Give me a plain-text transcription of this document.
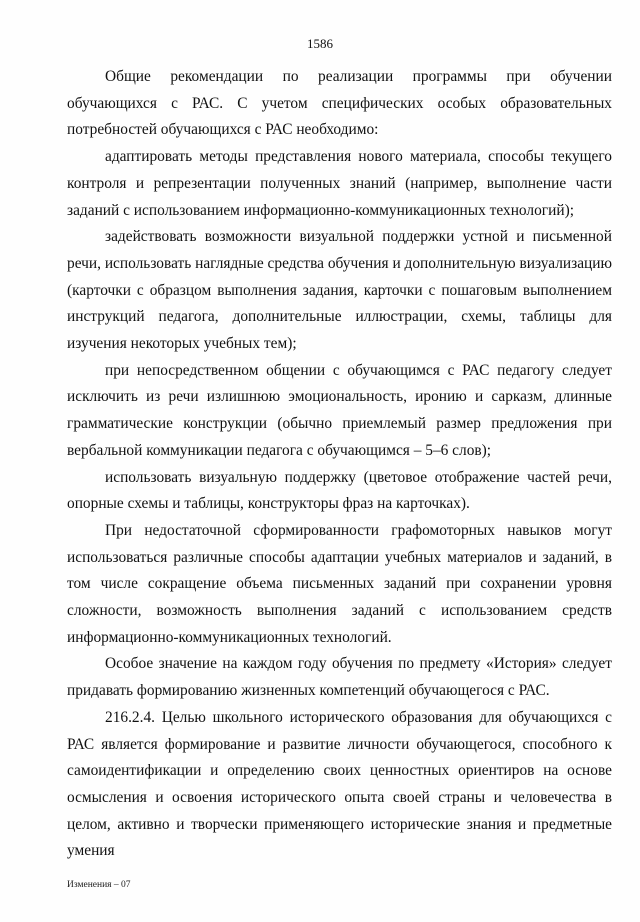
1586

Общие рекомендации по реализации программы при обучении обучающихся с РАС. С учетом специфических особых образовательных потребностей обучающихся с РАС необходимо:

адаптировать методы представления нового материала, способы текущего контроля и репрезентации полученных знаний (например, выполнение части заданий с использованием информационно-коммуникационных технологий);

задействовать возможности визуальной поддержки устной и письменной речи, использовать наглядные средства обучения и дополнительную визуализацию (карточки с образцом выполнения задания, карточки с пошаговым выполнением инструкций педагога, дополнительные иллюстрации, схемы, таблицы для изучения некоторых учебных тем);

при непосредственном общении с обучающимся с РАС педагогу следует исключить из речи излишнюю эмоциональность, иронию и сарказм, длинные грамматические конструкции (обычно приемлемый размер предложения при вербальной коммуникации педагога с обучающимся – 5–6 слов);

использовать визуальную поддержку (цветовое отображение частей речи, опорные схемы и таблицы, конструкторы фраз на карточках).

При недостаточной сформированности графомоторных навыков могут использоваться различные способы адаптации учебных материалов и заданий, в том числе сокращение объема письменных заданий при сохранении уровня сложности, возможность выполнения заданий с использованием средств информационно-коммуникационных технологий.

Особое значение на каждом году обучения по предмету «История» следует придавать формированию жизненных компетенций обучающегося с РАС.

216.2.4. Целью школьного исторического образования для обучающихся с РАС является формирование и развитие личности обучающегося, способного к самоидентификации и определению своих ценностных ориентиров на основе осмысления и освоения исторического опыта своей страны и человечества в целом, активно и творчески применяющего исторические знания и предметные умения

Изменения – 07
